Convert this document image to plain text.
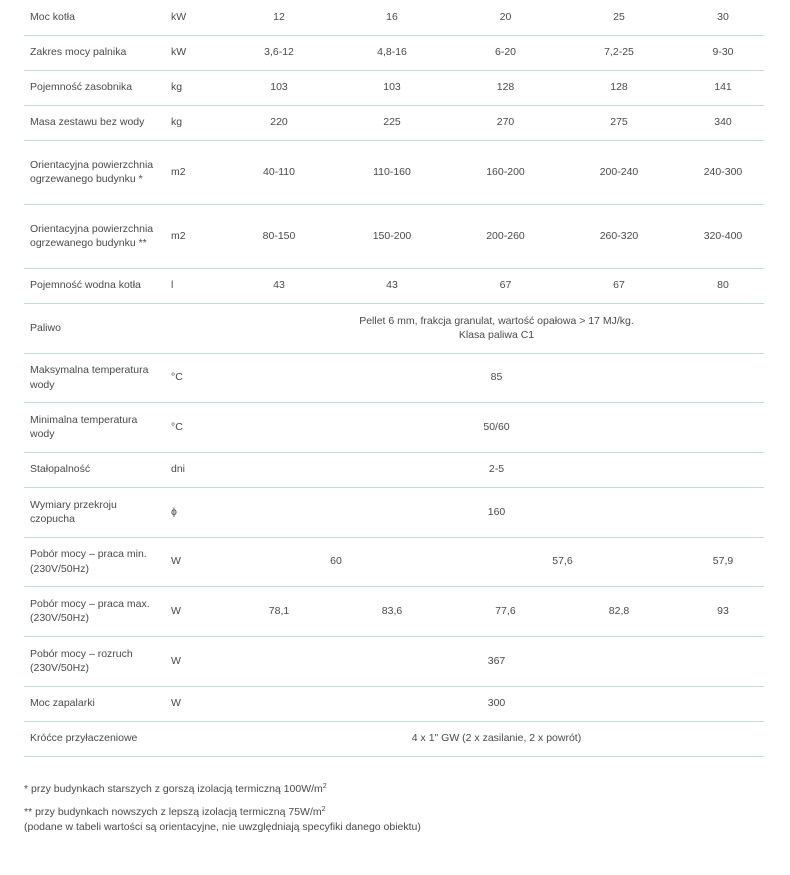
Moc kotła	kW	12	16	20	25	30
Zakres mocy palnika	kW	3,6-12	4,8-16	6-20	7,2-25	9-30
Pojemność zasobnika	kg	103	103	128	128	141
Masa zestawu bez wody	kg	220	225	270	275	340
Orientacyjna powierzchnia ogrzewanego budynku *	m2	40-110	110-160	160-200	200-240	240-300
Orientacyjna powierzchnia ogrzewanego budynku **	m2	80-150	150-200	200-260	260-320	320-400
Pojemność wodna kotła	l	43	43	67	67	80
Paliwo		Pellet 6 mm, frakcja granulat, wartość opałowa > 17 MJ/kg.
Klasa paliwa C1				

Maksymalna temperatura wody	°C	85				
Minimalna temperatura wody	°C	50/60				
Stałopalność	dni	2-5				
Wymiary przekroju czopucha	ϕ	160				
Pobór mocy – praca min. (230V/50Hz)	W	60		57,6		57,9
Pobór mocy – praca max. (230V/50Hz)	W	78,1	83,6	77,6	82,8	93
Pobór mocy – rozruch (230V/50Hz)	W	367				
Moc zapalarki	W	300				
Króćce przyłaczeniowe		4 x 1" GW (2 x zasilanie, 2 x powrót)				

* przy budynkach starszych z gorszą izolacją termiczną $100W/m^2$

** przy budynkach nowszych z lepszą izolacją termiczną $75W/m^2$
(podane w tabeli wartości są orientacyjne, nie uwzględniają specyfiki danego obiektu)
